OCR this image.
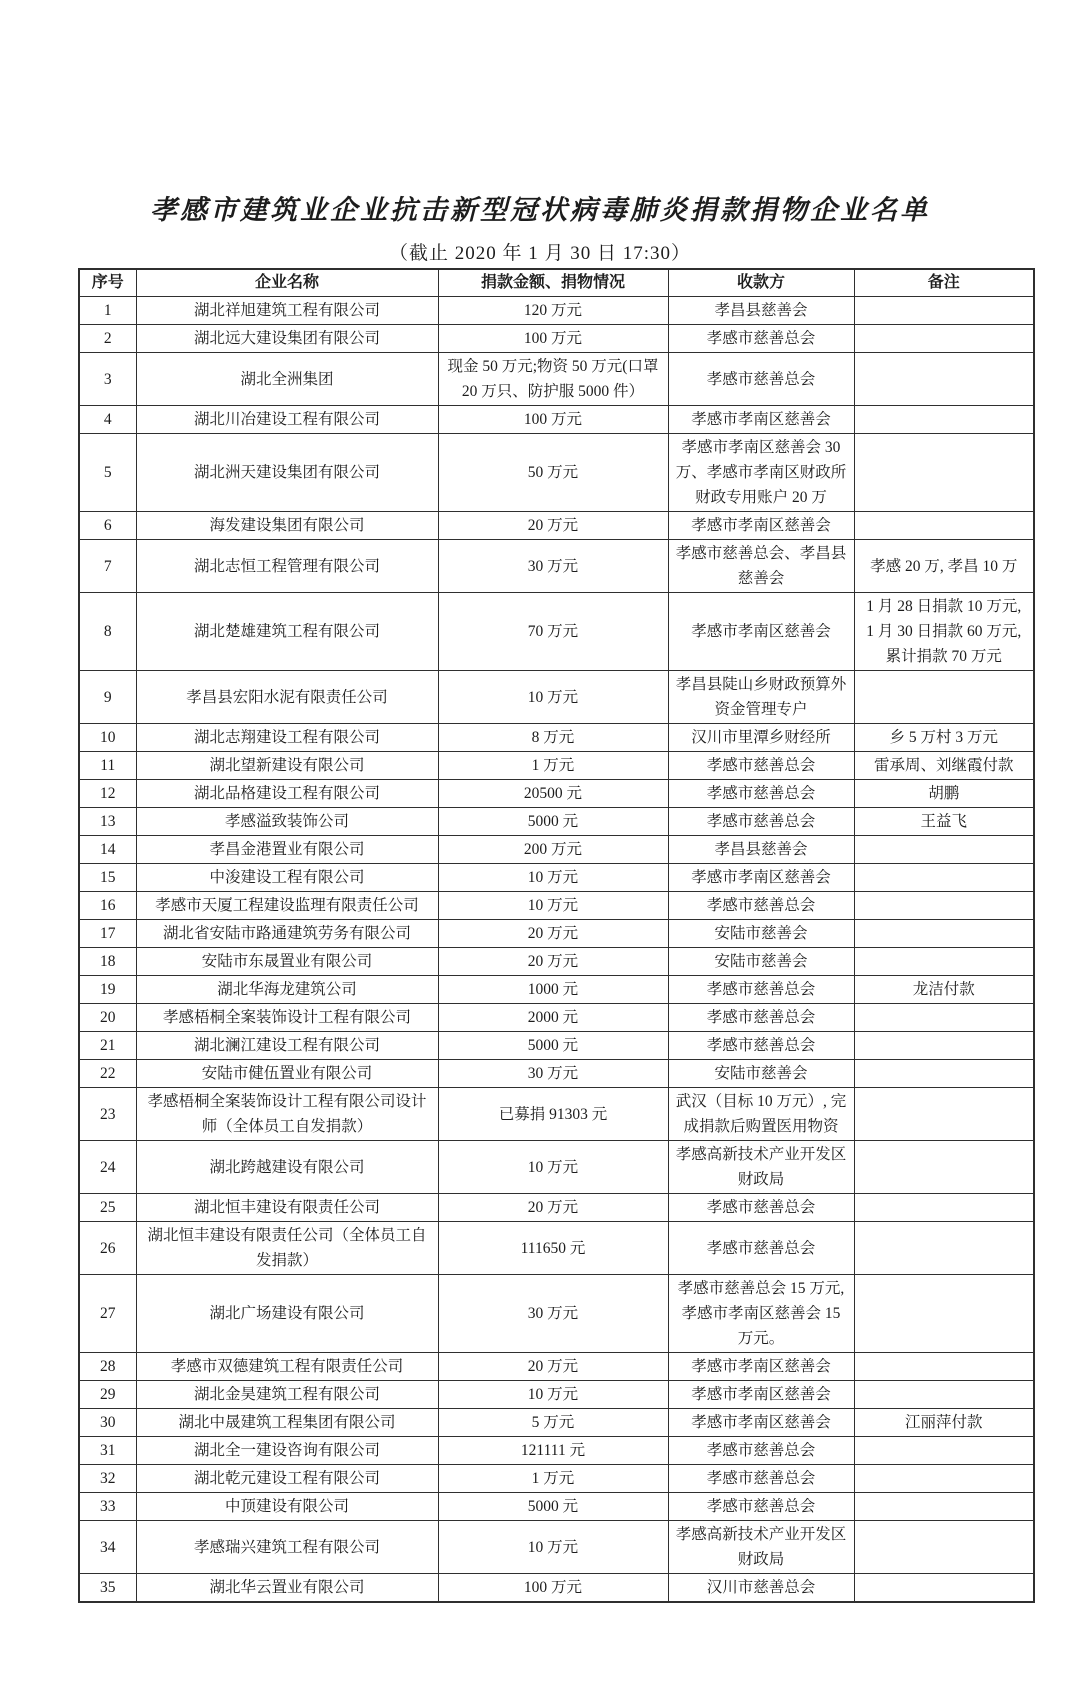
孝感市建筑业企业抗击新型冠状病毒肺炎捐款捐物企业名单
（截止 2020 年 1 月 30 日 17:30）
序号	企业名称	捐款金额、捐物情况	收款方	备注
1	湖北祥旭建筑工程有限公司	120 万元	孝昌县慈善会	
2	湖北远大建设集团有限公司	100 万元	孝感市慈善总会	
3	湖北全洲集团	现金 50 万元;物资 50 万元(口罩 20 万只、防护服 5000 件）	孝感市慈善总会	
4	湖北川冶建设工程有限公司	100 万元	孝感市孝南区慈善会	
5	湖北洲天建设集团有限公司	50 万元	孝感市孝南区慈善会 30 万、孝感市孝南区财政所财政专用账户 20 万	
6	海发建设集团有限公司	20 万元	孝感市孝南区慈善会	
7	湖北志恒工程管理有限公司	30 万元	孝感市慈善总会、孝昌县慈善会	孝感 20 万, 孝昌 10 万
8	湖北楚雄建筑工程有限公司	70 万元	孝感市孝南区慈善会	1 月 28 日捐款 10 万元, 1 月 30 日捐款 60 万元, 累计捐款 70 万元
9	孝昌县宏阳水泥有限责任公司	10 万元	孝昌县陡山乡财政预算外资金管理专户	
10	湖北志翔建设工程有限公司	8 万元	汉川市里潭乡财经所	乡 5 万村 3 万元
11	湖北望新建设有限公司	1 万元	孝感市慈善总会	雷承周、刘继霞付款
12	湖北品格建设工程有限公司	20500 元	孝感市慈善总会	胡鹏
13	孝感溢致装饰公司	5000 元	孝感市慈善总会	王益飞
14	孝昌金港置业有限公司	200 万元	孝昌县慈善会	
15	中浚建设工程有限公司	10 万元	孝感市孝南区慈善会	
16	孝感市天厦工程建设监理有限责任公司	10 万元	孝感市慈善总会	
17	湖北省安陆市路通建筑劳务有限公司	20 万元	安陆市慈善会	
18	安陆市东晟置业有限公司	20 万元	安陆市慈善会	
19	湖北华海龙建筑公司	1000 元	孝感市慈善总会	龙洁付款
20	孝感梧桐全案装饰设计工程有限公司	2000 元	孝感市慈善总会	
21	湖北澜江建设工程有限公司	5000 元	孝感市慈善总会	
22	安陆市健伍置业有限公司	30 万元	安陆市慈善会	
23	孝感梧桐全案装饰设计工程有限公司设计师（全体员工自发捐款）	已募捐 91303 元	武汉（目标 10 万元）, 完成捐款后购置医用物资	
24	湖北跨越建设有限公司	10 万元	孝感高新技术产业开发区财政局	
25	湖北恒丰建设有限责任公司	20 万元	孝感市慈善总会	
26	湖北恒丰建设有限责任公司（全体员工自发捐款）	111650 元	孝感市慈善总会	
27	湖北广场建设有限公司	30 万元	孝感市慈善总会 15 万元, 孝感市孝南区慈善会 15 万元。	
28	孝感市双德建筑工程有限责任公司	20 万元	孝感市孝南区慈善会	
29	湖北金昊建筑工程有限公司	10 万元	孝感市孝南区慈善会	
30	湖北中晟建筑工程集团有限公司	5 万元	孝感市孝南区慈善会	江丽萍付款
31	湖北全一建设咨询有限公司	121111 元	孝感市慈善总会	
32	湖北乾元建设工程有限公司	1 万元	孝感市慈善总会	
33	中顶建设有限公司	5000 元	孝感市慈善总会	
34	孝感瑞兴建筑工程有限公司	10 万元	孝感高新技术产业开发区财政局	
35	湖北华云置业有限公司	100 万元	汉川市慈善总会	
